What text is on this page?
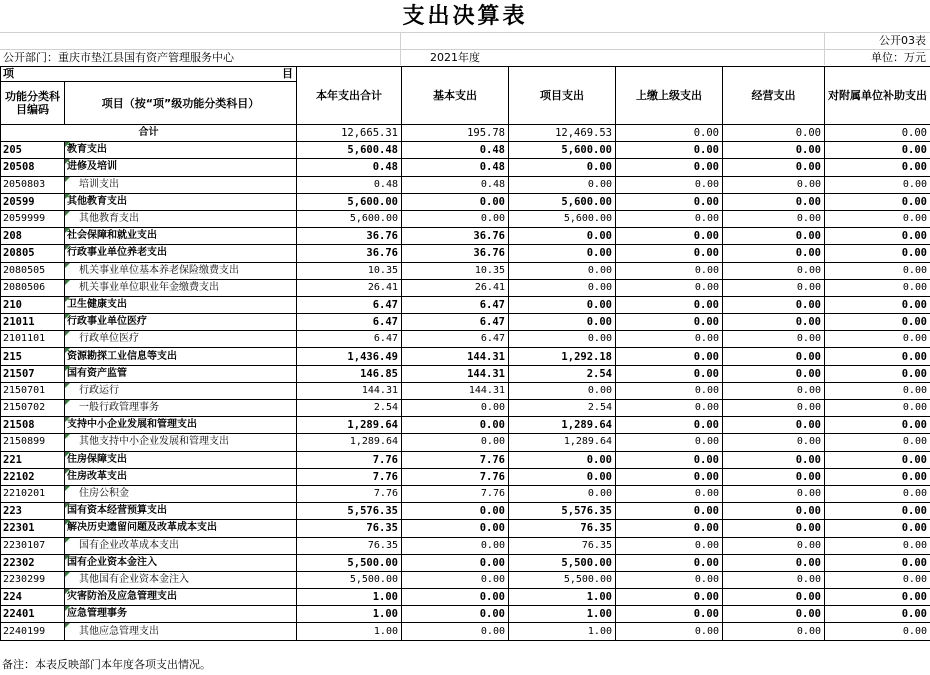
支出决算表
公开03表
公开部门：重庆市垫江县国有资产管理服务中心	2021年度	单位：万元
项 目		本年支出合计	基本支出	项目支出	上缴上级支出	经营支出	对附属单位补助支出
功能分类科目编码	项目（按“项”级功能分类科目）						
合计		12,665.31	195.78	12,469.53	0.00	0.00	0.00
205	教育支出	5,600.48	0.48	5,600.00	0.00	0.00	0.00
20508	进修及培训	0.48	0.48	0.00	0.00	0.00	0.00
2050803	培训支出	0.48	0.48	0.00	0.00	0.00	0.00
20599	其他教育支出	5,600.00	0.00	5,600.00	0.00	0.00	0.00
2059999	其他教育支出	5,600.00	0.00	5,600.00	0.00	0.00	0.00
208	社会保障和就业支出	36.76	36.76	0.00	0.00	0.00	0.00
20805	行政事业单位养老支出	36.76	36.76	0.00	0.00	0.00	0.00
2080505	机关事业单位基本养老保险缴费支出	10.35	10.35	0.00	0.00	0.00	0.00
2080506	机关事业单位职业年金缴费支出	26.41	26.41	0.00	0.00	0.00	0.00
210	卫生健康支出	6.47	6.47	0.00	0.00	0.00	0.00
21011	行政事业单位医疗	6.47	6.47	0.00	0.00	0.00	0.00
2101101	行政单位医疗	6.47	6.47	0.00	0.00	0.00	0.00
215	资源勘探工业信息等支出	1,436.49	144.31	1,292.18	0.00	0.00	0.00
21507	国有资产监管	146.85	144.31	2.54	0.00	0.00	0.00
2150701	行政运行	144.31	144.31	0.00	0.00	0.00	0.00
2150702	一般行政管理事务	2.54	0.00	2.54	0.00	0.00	0.00
21508	支持中小企业发展和管理支出	1,289.64	0.00	1,289.64	0.00	0.00	0.00
2150899	其他支持中小企业发展和管理支出	1,289.64	0.00	1,289.64	0.00	0.00	0.00
221	住房保障支出	7.76	7.76	0.00	0.00	0.00	0.00
22102	住房改革支出	7.76	7.76	0.00	0.00	0.00	0.00
2210201	住房公积金	7.76	7.76	0.00	0.00	0.00	0.00
223	国有资本经营预算支出	5,576.35	0.00	5,576.35	0.00	0.00	0.00
22301	解决历史遗留问题及改革成本支出	76.35	0.00	76.35	0.00	0.00	0.00
2230107	国有企业改革成本支出	76.35	0.00	76.35	0.00	0.00	0.00
22302	国有企业资本金注入	5,500.00	0.00	5,500.00	0.00	0.00	0.00
2230299	其他国有企业资本金注入	5,500.00	0.00	5,500.00	0.00	0.00	0.00
224	灾害防治及应急管理支出	1.00	0.00	1.00	0.00	0.00	0.00
22401	应急管理事务	1.00	0.00	1.00	0.00	0.00	0.00
2240199	其他应急管理支出	1.00	0.00	1.00	0.00	0.00	0.00
备注：本表反映部门本年度各项支出情况。
